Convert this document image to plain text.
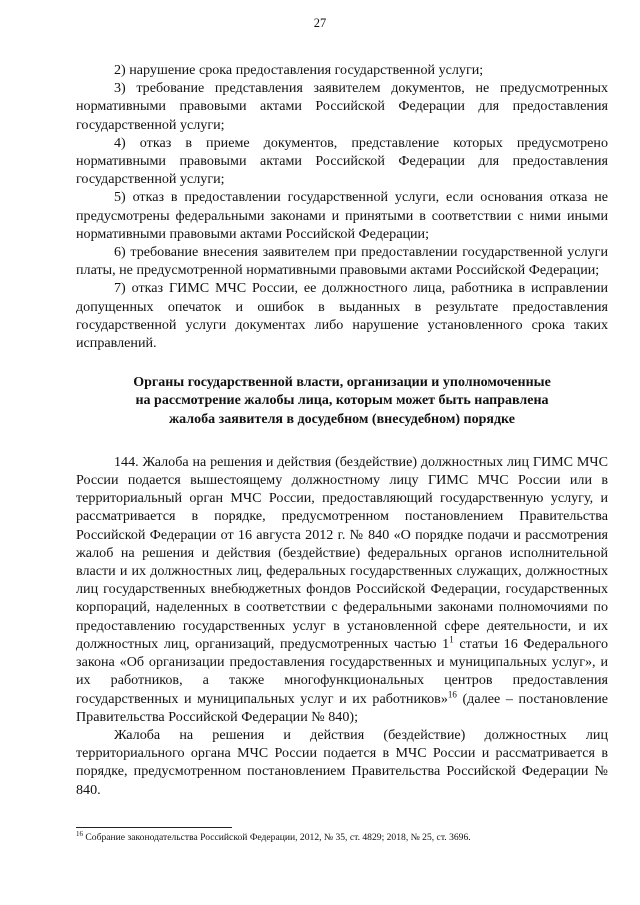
27

2) нарушение срока предоставления государственной услуги;

3) требование представления заявителем документов, не предусмотренных нормативными правовыми актами Российской Федерации для предоставления государственной услуги;

4) отказ в приеме документов, представление которых предусмотрено нормативными правовыми актами Российской Федерации для предоставления государственной услуги;

5) отказ в предоставлении государственной услуги, если основания отказа не предусмотрены федеральными законами и принятыми в соответствии с ними иными нормативными правовыми актами Российской Федерации;

6) требование внесения заявителем при предоставлении государственной услуги платы, не предусмотренной нормативными правовыми актами Российской Федерации;

7) отказ ГИМС МЧС России, ее должностного лица, работника в исправлении допущенных опечаток и ошибок в выданных в результате предоставления государственной услуги документах либо нарушение установленного срока таких исправлений.

Органы государственной власти, организации и уполномоченные
на рассмотрение жалобы лица, которым может быть направлена
жалоба заявителя в досудебном (внесудебном) порядке

144. Жалоба на решения и действия (бездействие) должностных лиц ГИМС МЧС России подается вышестоящему должностному лицу ГИМС МЧС России или в территориальный орган МЧС России, предоставляющий государственную услугу, и рассматривается в порядке, предусмотренном постановлением Правительства Российской Федерации от 16 августа 2012 г. № 840 «О порядке подачи и рассмотрения жалоб на решения и действия (бездействие) федеральных органов исполнительной власти и их должностных лиц, федеральных государственных служащих, должностных лиц государственных внебюджетных фондов Российской Федерации, государственных корпораций, наделенных в соответствии с федеральными законами полномочиями по предоставлению государственных услуг в установленной сфере деятельности, и их должностных лиц, организаций, предусмотренных частью 1$^1$ статьи 16 Федерального закона «Об организации предоставления государственных и муниципальных услуг», и их работников, а также многофункциональных центров предоставления государственных и муниципальных услуг и их работников»$^{16}$ (далее – постановление Правительства Российской Федерации № 840);

Жалоба на решения и действия (бездействие) должностных лиц территориального органа МЧС России подается в МЧС России и рассматривается в порядке, предусмотренном постановлением Правительства Российской Федерации № 840.

$^{16}$ Собрание законодательства Российской Федерации, 2012, № 35, ст. 4829; 2018, № 25, ст. 3696.
